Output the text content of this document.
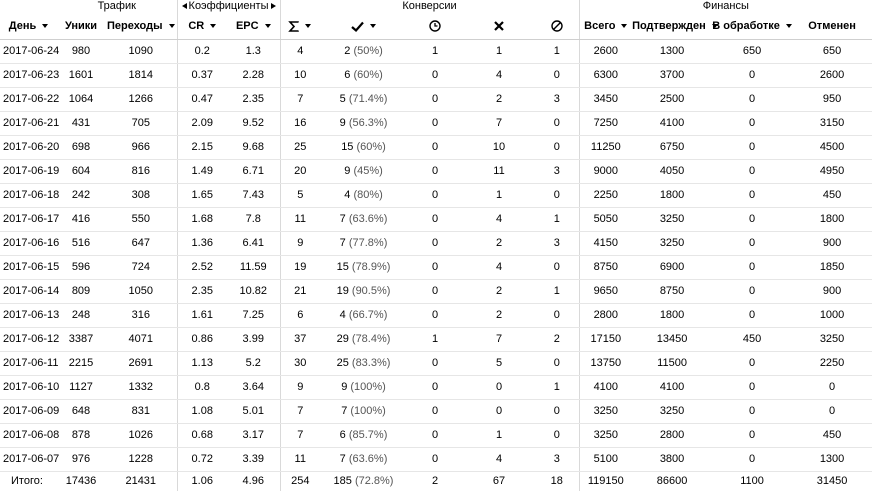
	Трафик		Коэффициенты		Конверсии					Финансы			
День	Уники	Переходы	CR	EPC						Всего	Подтвержден	В обработке	Отменен
2017-06-24	980	1090	0.2	1.3	4	2 (50%)	1	1	1	2600	1300	650	650
2017-06-23	1601	1814	0.37	2.28	10	6 (60%)	0	4	0	6300	3700	0	2600
2017-06-22	1064	1266	0.47	2.35	7	5 (71.4%)	0	2	3	3450	2500	0	950
2017-06-21	431	705	2.09	9.52	16	9 (56.3%)	0	7	0	7250	4100	0	3150
2017-06-20	698	966	2.15	9.68	25	15 (60%)	0	10	0	11250	6750	0	4500
2017-06-19	604	816	1.49	6.71	20	9 (45%)	0	11	3	9000	4050	0	4950
2017-06-18	242	308	1.65	7.43	5	4 (80%)	0	1	0	2250	1800	0	450
2017-06-17	416	550	1.68	7.8	11	7 (63.6%)	0	4	1	5050	3250	0	1800
2017-06-16	516	647	1.36	6.41	9	7 (77.8%)	0	2	3	4150	3250	0	900
2017-06-15	596	724	2.52	11.59	19	15 (78.9%)	0	4	0	8750	6900	0	1850
2017-06-14	809	1050	2.35	10.82	21	19 (90.5%)	0	2	1	9650	8750	0	900
2017-06-13	248	316	1.61	7.25	6	4 (66.7%)	0	2	0	2800	1800	0	1000
2017-06-12	3387	4071	0.86	3.99	37	29 (78.4%)	1	7	2	17150	13450	450	3250
2017-06-11	2215	2691	1.13	5.2	30	25 (83.3%)	0	5	0	13750	11500	0	2250
2017-06-10	1127	1332	0.8	3.64	9	9 (100%)	0	0	1	4100	4100	0	0
2017-06-09	648	831	1.08	5.01	7	7 (100%)	0	0	0	3250	3250	0	0
2017-06-08	878	1026	0.68	3.17	7	6 (85.7%)	0	1	0	3250	2800	0	450
2017-06-07	976	1228	0.72	3.39	11	7 (63.6%)	0	4	3	5100	3800	0	1300
Итого:	17436	21431	1.06	4.96	254	185 (72.8%)	2	67	18	119150	86600	1100	31450
